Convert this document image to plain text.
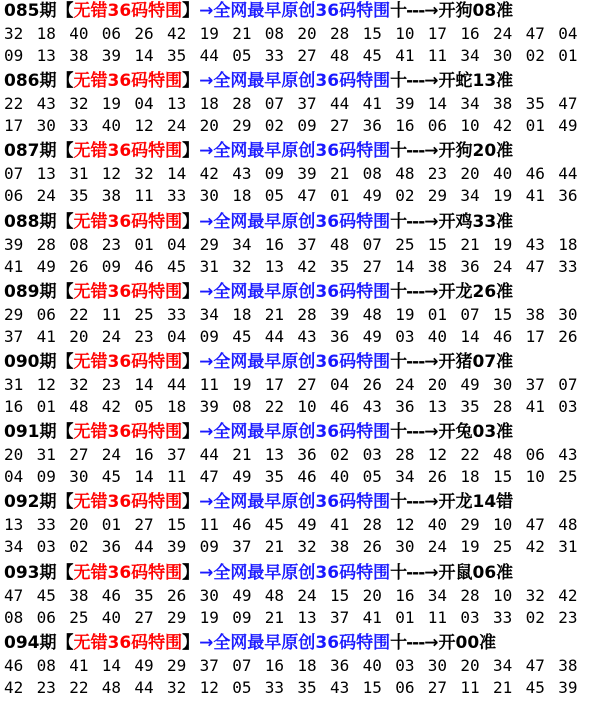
085期【无错36码特围】→全网最早原创36码特围十---→开狗08准
32 18 40 06 26 42 19 21 08 20 28 15 10 17 16 24 47 04
09 13 38 39 14 35 44 05 33 27 48 45 41 11 34 30 02 01
086期【无错36码特围】→全网最早原创36码特围十---→开蛇13准
22 43 32 19 04 13 18 28 07 37 44 41 39 14 34 38 35 47
17 30 33 40 12 24 20 29 02 09 27 36 16 06 10 42 01 49
087期【无错36码特围】→全网最早原创36码特围十---→开狗20准
07 13 31 12 32 14 42 43 09 39 21 08 48 23 20 40 46 44
06 24 35 38 11 33 30 18 05 47 01 49 02 29 34 19 41 36
088期【无错36码特围】→全网最早原创36码特围十---→开鸡33准
39 28 08 23 01 04 29 34 16 37 48 07 25 15 21 19 43 18
41 49 26 09 46 45 31 32 13 42 35 27 14 38 36 24 47 33
089期【无错36码特围】→全网最早原创36码特围十---→开龙26准
29 06 22 11 25 33 34 18 21 28 39 48 19 01 07 15 38 30
37 41 20 24 23 04 09 45 44 43 36 49 03 40 14 46 17 26
090期【无错36码特围】→全网最早原创36码特围十---→开猪07准
31 12 32 23 14 44 11 19 17 27 04 26 24 20 49 30 37 07
16 01 48 42 05 18 39 08 22 10 46 43 36 13 35 28 41 03
091期【无错36码特围】→全网最早原创36码特围十---→开兔03准
20 31 27 24 16 37 44 21 13 36 02 03 28 12 22 48 06 43
04 09 30 45 14 11 47 49 35 46 40 05 34 26 18 15 10 25
092期【无错36码特围】→全网最早原创36码特围十---→开龙14错
13 33 20 01 27 15 11 46 45 49 41 28 12 40 29 10 47 48
34 03 02 36 44 39 09 37 21 32 38 26 30 24 19 25 42 31
093期【无错36码特围】→全网最早原创36码特围十---→开鼠06准
47 45 38 46 35 26 30 49 48 24 15 20 16 34 28 10 32 42
08 06 25 40 27 29 19 09 21 13 37 41 01 11 03 33 02 23
094期【无错36码特围】→全网最早原创36码特围十---→开00准
46 08 41 14 49 29 37 07 16 18 36 40 03 30 20 34 47 38
42 23 22 48 44 32 12 05 33 35 43 15 06 27 11 21 45 39
